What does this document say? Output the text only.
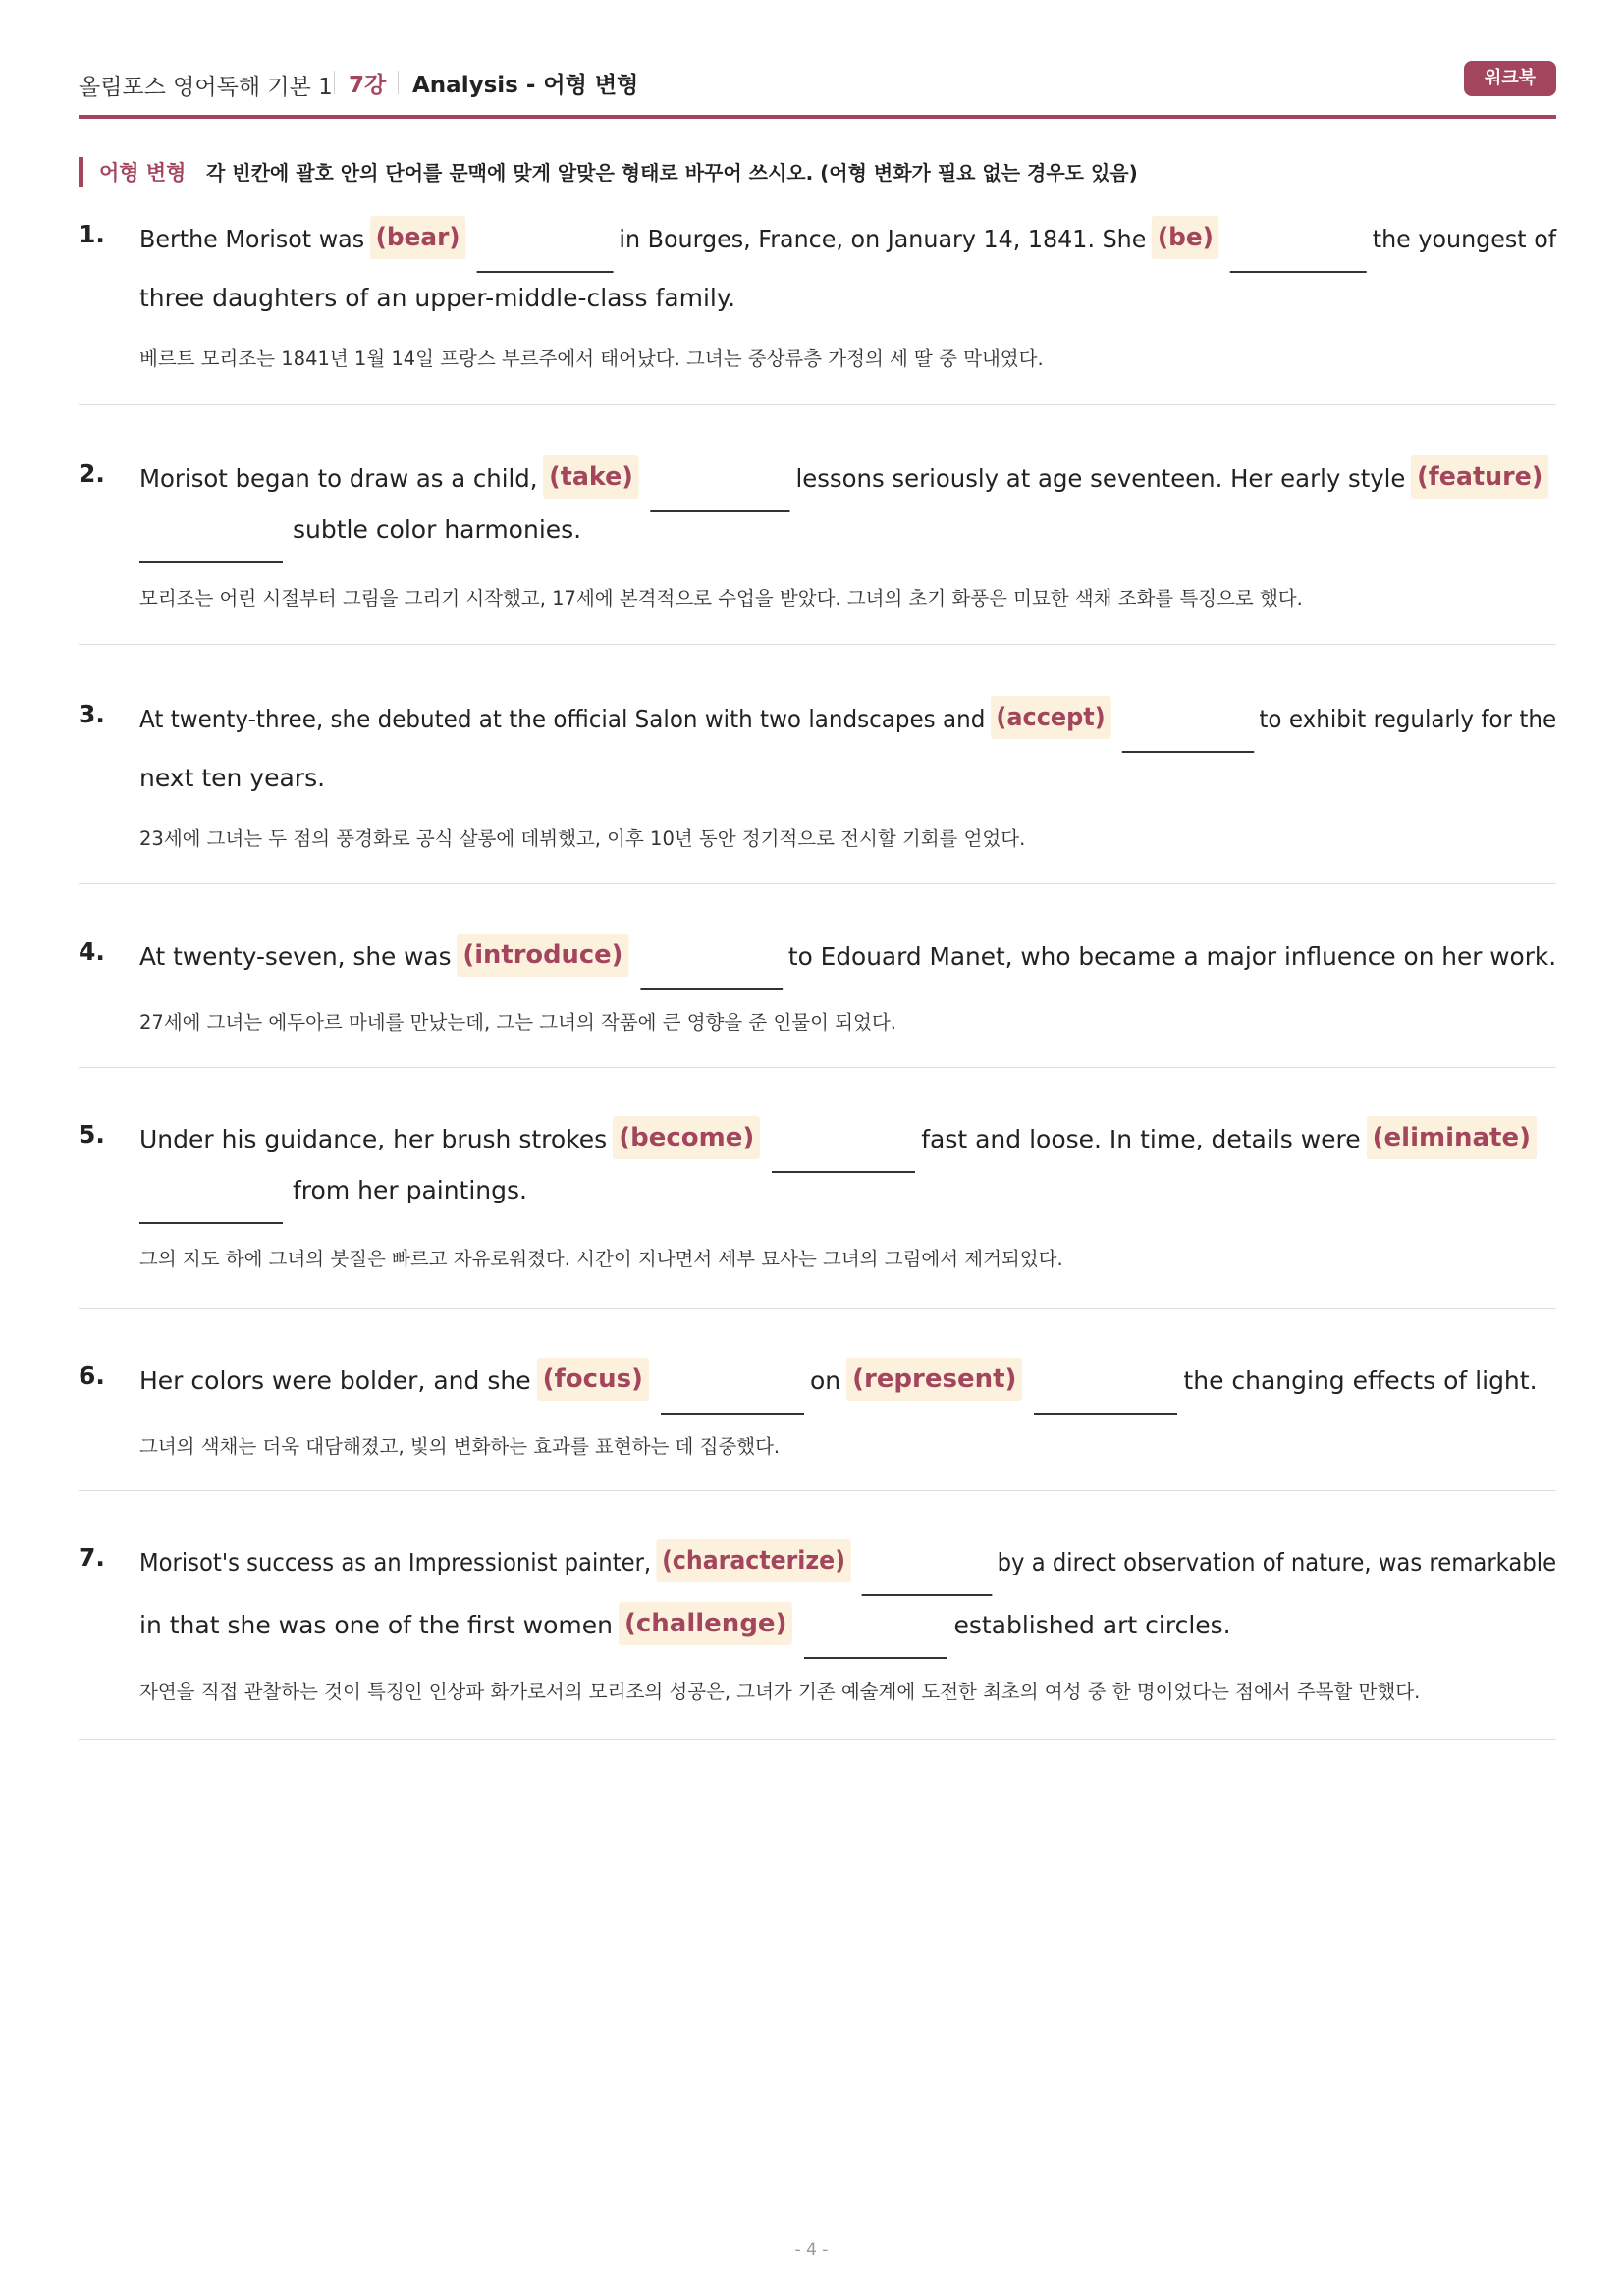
올림포스 영어독해 기본 1 7강 Analysis - 어형 변형	워크북
어형 변형 각 빈칸에 괄호 안의 단어를 문맥에 맞게 알맞은 형태로 바꾸어 쓰시오. (어형 변화가 필요 없는 경우도 있음)
1. Berthe Morisot was (bear)	in Bourges, France, on January 14, 1841. She (be)	the youngest of
three daughters of an upper-middle-class family.
베르트 모리조는 1841년 1월 14일 프랑스 부르주에서 태어났다. 그녀는 중상류층 가정의 세 딸 중 막내였다.
2. Morisot began to draw as a child, (take)	lessons seriously at age seventeen. Her early style (feature)
subtle color harmonies.
모리조는 어린 시절부터 그림을 그리기 시작했고, 17세에 본격적으로 수업을 받았다. 그녀의 초기 화풍은 미묘한 색채 조화를 특징으로 했다.
3. At twenty-three, she debuted at the official Salon with two landscapes and (accept)	to exhibit regularly for the
next ten years.
23세에 그녀는 두 점의 풍경화로 공식 살롱에 데뷔했고, 이후 10년 동안 정기적으로 전시할 기회를 얻었다.
4. At twenty-seven, she was (introduce)	to Edouard Manet, who became a major influence on her work.
27세에 그녀는 에두아르 마네를 만났는데, 그는 그녀의 작품에 큰 영향을 준 인물이 되었다.
5. Under his guidance, her brush strokes (become)	fast and loose. In time, details were (eliminate)
from her paintings.
그의 지도 하에 그녀의 붓질은 빠르고 자유로워졌다. 시간이 지나면서 세부 묘사는 그녀의 그림에서 제거되었다.
6. Her colors were bolder, and she (focus)	on (represent)	the changing effects of light.
그녀의 색채는 더욱 대담해졌고, 빛의 변화하는 효과를 표현하는 데 집중했다.
7. Morisot's success as an Impressionist painter, (characterize)	by a direct observation of nature, was remarkable
in that she was one of the first women (challenge)	established art circles.
자연을 직접 관찰하는 것이 특징인 인상파 화가로서의 모리조의 성공은, 그녀가 기존 예술계에 도전한 최초의 여성 중 한 명이었다는 점에서 주목할 만했다.
- 4 -
